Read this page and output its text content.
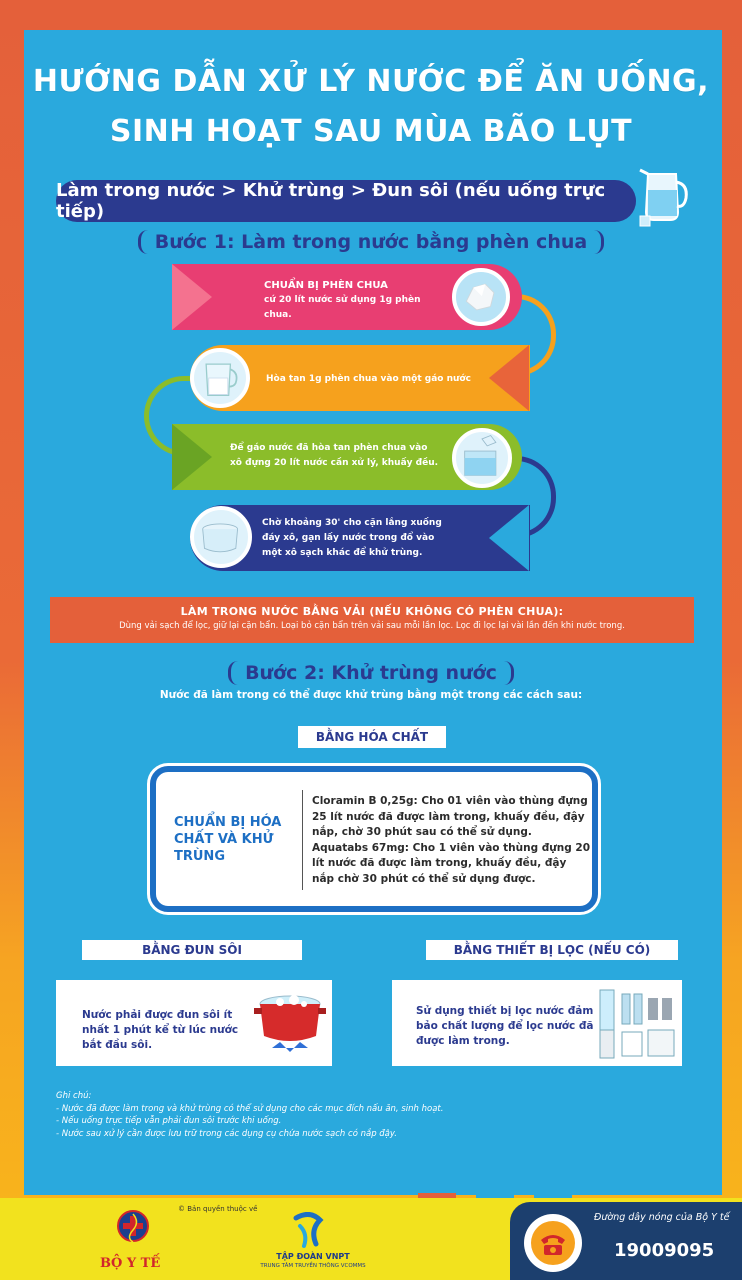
HƯỚNG DẪN XỬ LÝ NƯỚC ĐỂ ĂN UỐNG,
SINH HOẠT SAU MÙA BÃO LỤT
Làm trong nước > Khử trùng > Đun sôi (nếu uống trực tiếp)
Bước 1: Làm trong nước bằng phèn chua
CHUẨN BỊ PHÈN CHUA
cứ 20 lít nước sử dụng 1g phèn chua.
Hòa tan 1g phèn chua vào một gáo nước
Để gáo nước đã hòa tan phèn chua vào xô đựng 20 lít nước cần xử lý, khuấy đều.
Chờ khoảng 30' cho cặn lắng xuống đáy xô, gạn lấy nước trong đổ vào một xô sạch khác để khử trùng.
LÀM TRONG NƯỚC BẰNG VẢI (NẾU KHÔNG CÓ PHÈN CHUA):
Dùng vải sạch để lọc, giữ lại cặn bẩn. Loại bỏ cặn bẩn trên vải sau mỗi lần lọc. Lọc đi lọc lại vài lần đến khi nước trong.
Bước 2: Khử trùng nước
Nước đã làm trong có thể được khử trùng bằng một trong các cách sau:
BẰNG HÓA CHẤT
CHUẨN BỊ HÓA CHẤT VÀ KHỬ TRÙNG
Cloramin B 0,25g: Cho 01 viên vào thùng đựng 25 lít nước đã được làm trong, khuấy đều, đậy nắp, chờ 30 phút sau có thể sử dụng.
Aquatabs 67mg: Cho 1 viên vào thùng đựng 20 lít nước đã được làm trong, khuấy đều, đậy nắp chờ 30 phút có thể sử dụng được.
BẰNG ĐUN SÔI
Nước phải được đun sôi ít nhất 1 phút kể từ lúc nước bắt đầu sôi.
BẰNG THIẾT BỊ LỌC (NẾU CÓ)
Sử dụng thiết bị lọc nước đảm bảo chất lượng để lọc nước đã được làm trong.
Ghi chú:
- Nước đã được làm trong và khử trùng có thể sử dụng cho các mục đích nấu ăn, sinh hoạt.
- Nếu uống trực tiếp vẫn phải đun sôi trước khi uống.
- Nước sau xử lý cần được lưu trữ trong các dụng cụ chứa nước sạch có nắp đậy.
© Bản quyền thuộc về
BỘ Y TẾ	TẬP ĐOÀN VNPT
TRUNG TÂM TRUYỀN THÔNG VCOMMS
Đường dây nóng của Bộ Y tế
19009095
